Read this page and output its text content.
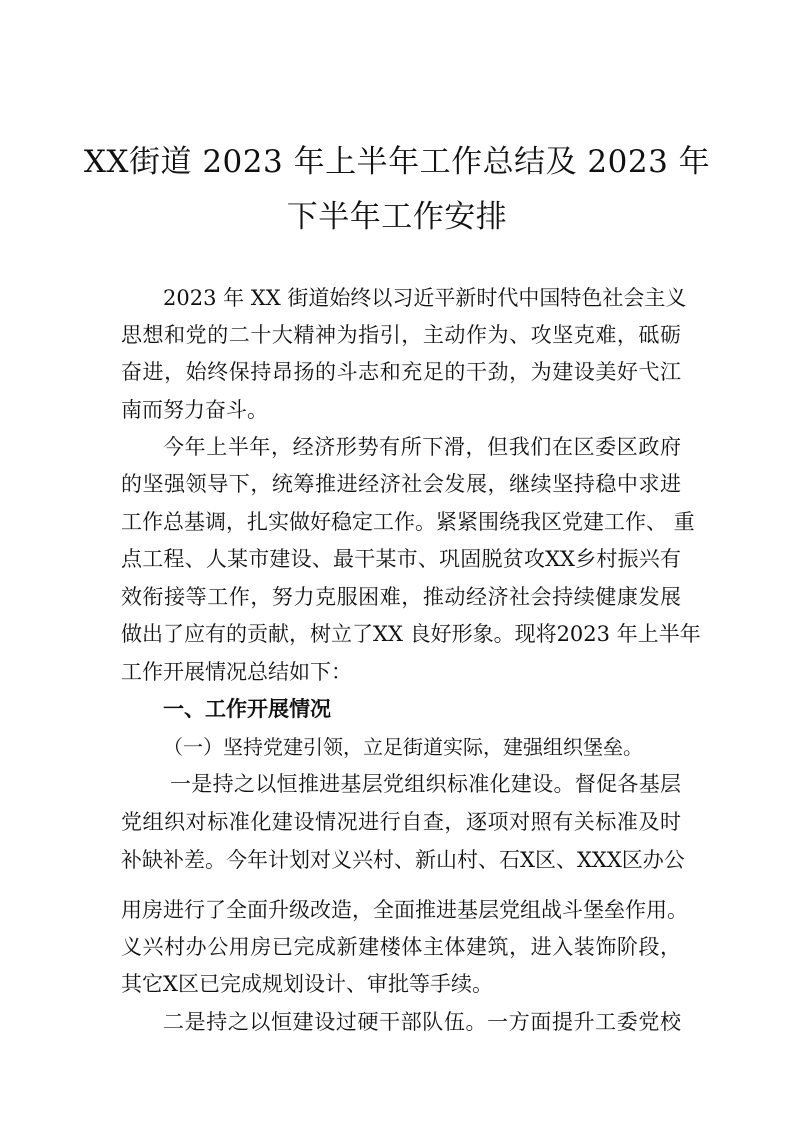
XX街道 2023 年上半年工作总结及 2023 年
下半年工作安排
2023 年 XX 街道始终以习近平新时代中国特色社会主义
思想和党的二十大精神为指引，主动作为、攻坚克难，砥砺
奋进，始终保持昂扬的斗志和充足的干劲，为建设美好弋江
南而努力奋斗。
今年上半年，经济形势有所下滑，但我们在区委区政府
的坚强领导下，统筹推进经济社会发展，继续坚持稳中求进
工作总基调，扎实做好稳定工作。紧紧围绕我区党建工作、 重
点工程、人某市建设、最干某市、巩固脱贫攻XX乡村振兴有
效衔接等工作，努力克服困难，推动经济社会持续健康发展
做出了应有的贡献，树立了XX 良好形象。现将2023 年上半年
工作开展情况总结如下：
一、工作开展情况
（一）坚持党建引领，立足街道实际，建强组织堡垒。
一是持之以恒推进基层党组织标准化建设。督促各基层
党组织对标准化建设情况进行自查，逐项对照有关标准及时
补缺补差。今年计划对义兴村、新山村、石X区、XXX区办公
用房进行了全面升级改造，全面推进基层党组战斗堡垒作用。
义兴村办公用房已完成新建楼体主体建筑，进入装饰阶段，
其它X区已完成规划设计、审批等手续。
二是持之以恒建设过硬干部队伍。一方面提升工委党校
